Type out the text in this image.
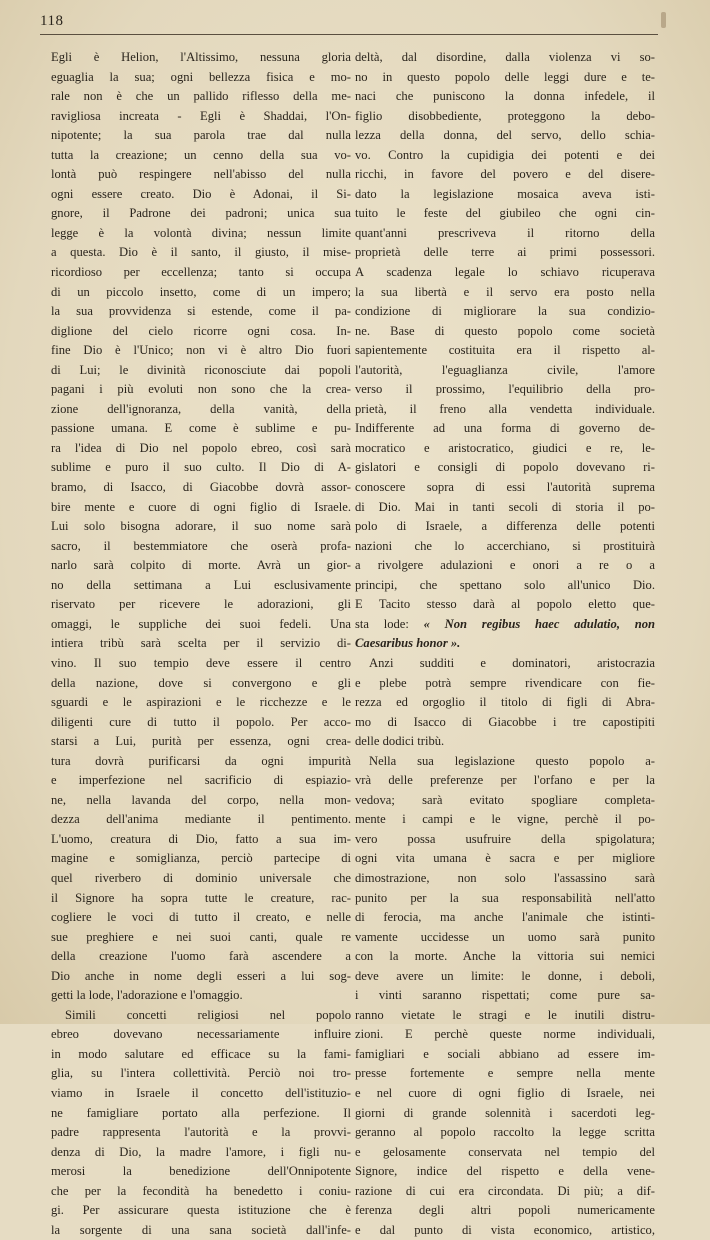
118
Egli è Helion, l'Altissimo, nessuna gloria
eguaglia la sua; ogni bellezza fisica e mo-
rale non è che un pallido riflesso della me-
ravigliosa increata - Egli è Shaddai, l'On-
nipotente; la sua parola trae dal nulla
tutta la creazione; un cenno della sua vo-
lontà può respingere nell'abisso del nulla
ogni essere creato. Dio è Adonai, il Si-
gnore, il Padrone dei padroni; unica sua
legge è la volontà divina; nessun limite
a questa. Dio è il santo, il giusto, il mise-
ricordioso per eccellenza; tanto si occupa
di un piccolo insetto, come di un impero;
la sua provvidenza si estende, come il pa-
diglione del cielo ricorre ogni cosa. In-
fine Dio è l'Unico; non vi è altro Dio fuori
di Lui; le divinità riconosciute dai popoli
pagani i più evoluti non sono che la crea-
zione dell'ignoranza, della vanità, della
passione umana. E come è sublime e pu-
ra l'idea di Dio nel popolo ebreo, così sarà
sublime e puro il suo culto. Il Dio di A-
bramo, di Isacco, di Giacobbe dovrà assor-
bire mente e cuore di ogni figlio di Israele.
Lui solo bisogna adorare, il suo nome sarà
sacro, il bestemmiatore che oserà profa-
narlo sarà colpito di morte. Avrà un gior-
no della settimana a Lui esclusivamente
riservato per ricevere le adorazioni, gli
omaggi, le suppliche dei suoi fedeli. Una
intiera tribù sarà scelta per il servizio di-
vino. Il suo tempio deve essere il centro
della nazione, dove si convergono e gli
sguardi e le aspirazioni e le ricchezze e le
diligenti cure di tutto il popolo. Per acco-
starsi a Lui, purità per essenza, ogni crea-
tura dovrà purificarsi da ogni impurità
e imperfezione nel sacrificio di espiazio-
ne, nella lavanda del corpo, nella mon-
dezza dell'anima mediante il pentimento.
L'uomo, creatura di Dio, fatto a sua im-
magine e somiglianza, perciò partecipe di
quel riverbero di dominio universale che
il Signore ha sopra tutte le creature, rac-
cogliere le voci di tutto il creato, e nelle
sue preghiere e nei suoi canti, quale re
della creazione l'uomo farà ascendere a
Dio anche in nome degli esseri a lui sog-
getti la lode, l'adorazione e l'omaggio.
Simili concetti religiosi nel popolo
ebreo dovevano necessariamente influire
in modo salutare ed efficace su la fami-
glia, su l'intera collettività. Perciò noi tro-
viamo in Israele il concetto dell'istituzio-
ne famigliare portato alla perfezione. Il
padre rappresenta l'autorità e la provvi-
denza di Dio, la madre l'amore, i figli nu-
merosi la benedizione dell'Onnipotente
che per la fecondità ha benedetto i coniu-
gi. Per assicurare questa istituzione che è
la sorgente di una sana società dall'infe-
deltà, dal disordine, dalla violenza vi so-
no in questo popolo delle leggi dure e te-
naci che puniscono la donna infedele, il
figlio disobbediente, proteggono la debo-
lezza della donna, del servo, dello schia-
vo. Contro la cupidigia dei potenti e dei
ricchi, in favore del povero e del disere-
dato la legislazione mosaica aveva isti-
tuito le feste del giubileo che ogni cin-
quant'anni prescriveva il ritorno della
proprietà delle terre ai primi possessori.
A scadenza legale lo schiavo ricuperava
la sua libertà e il servo era posto nella
condizione di migliorare la sua condizio-
ne. Base di questo popolo come società
sapientemente costituita era il rispetto al-
l'autorità, l'eguaglianza civile, l'amore
verso il prossimo, l'equilibrio della pro-
prietà, il freno alla vendetta individuale.
Indifferente ad una forma di governo de-
mocratico e aristocratico, giudici e re, le-
gislatori e consigli di popolo dovevano ri-
conoscere sopra di essi l'autorità suprema
di Dio. Mai in tanti secoli di storia il po-
polo di Israele, a differenza delle potenti
nazioni che lo accerchiano, si prostituirà
a rivolgere adulazioni e onori a re o a
principi, che spettano solo all'unico Dio.
E Tacito stesso darà al popolo eletto que-
sta lode: « Non regibus haec adulatio, non
Caesaribus honor ».
Anzi sudditi e dominatori, aristocrazia
e plebe potrà sempre rivendicare con fie-
rezza ed orgoglio il titolo di figli di Abra-
mo di Isacco di Giacobbe i tre capostipiti
delle dodici tribù.
Nella sua legislazione questo popolo a-
vrà delle preferenze per l'orfano e per la
vedova; sarà evitato spogliare completa-
mente i campi e le vigne, perchè il po-
vero possa usufruire della spigolatura;
ogni vita umana è sacra e per migliore
dimostrazione, non solo l'assassino sarà
punito per la sua responsabilità nell'atto
di ferocia, ma anche l'animale che istinti-
vamente uccidesse un uomo sarà punito
con la morte. Anche la vittoria sui nemici
deve avere un limite: le donne, i deboli,
i vinti saranno rispettati; come pure sa-
ranno vietate le stragi e le inutili distru-
zioni. E perchè queste norme individuali,
famigliari e sociali abbiano ad essere im-
presse fortemente e sempre nella mente
e nel cuore di ogni figlio di Israele, nei
giorni di grande solennità i sacerdoti leg-
geranno al popolo raccolto la legge scritta
e gelosamente conservata nel tempio del
Signore, indice del rispetto e della vene-
razione di cui era circondata. Di più; a dif-
ferenza degli altri popoli numericamente
e dal punto di vista economico, artistico,
